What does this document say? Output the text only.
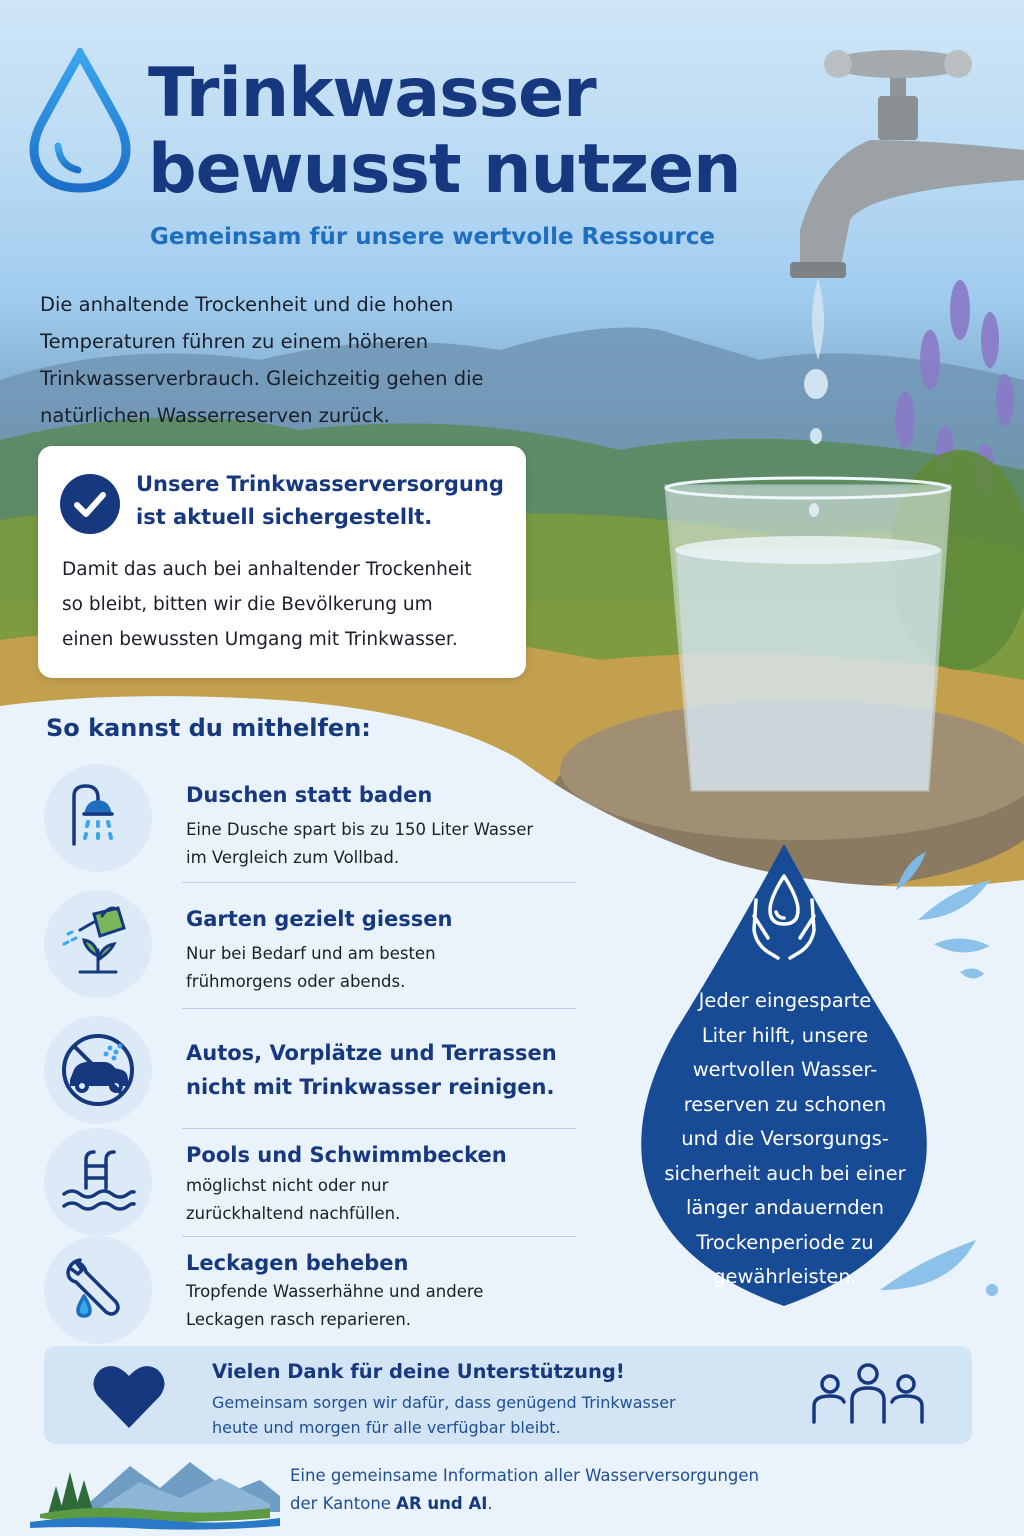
Trinkwasser
bewusst nutzen
Gemeinsam für unsere wertvolle Ressource
Die anhaltende Trockenheit und die hohen
Temperaturen führen zu einem höheren
Trinkwasserverbrauch. Gleichzeitig gehen die
natürlichen Wasserreserven zurück.
Unsere Trinkwasserversorgung
ist aktuell sichergestellt.
Damit das auch bei anhaltender Trockenheit
so bleibt, bitten wir die Bevölkerung um
einen bewussten Umgang mit Trinkwasser.
So kannst du mithelfen:
Duschen statt baden
Eine Dusche spart bis zu 150 Liter Wasser
im Vergleich zum Vollbad.
Garten gezielt giessen
Nur bei Bedarf und am besten
frühmorgens oder abends.
Autos, Vorplätze und Terrassen
nicht mit Trinkwasser reinigen.
Pools und Schwimmbecken
möglichst nicht oder nur
zurückhaltend nachfüllen.
Leckagen beheben
Tropfende Wasserhähne und andere
Leckagen rasch reparieren.
Jeder eingesparte
Liter hilft, unsere
wertvollen Wasser-
reserven zu schonen
und die Versorgungs-
sicherheit auch bei einer
länger andauernden
Trockenperiode zu
gewährleisten.
Vielen Dank für deine Unterstützung!
Gemeinsam sorgen wir dafür, dass genügend Trinkwasser
heute und morgen für alle verfügbar bleibt.
Eine gemeinsame Information aller Wasserversorgungen
der Kantone AR und AI.
